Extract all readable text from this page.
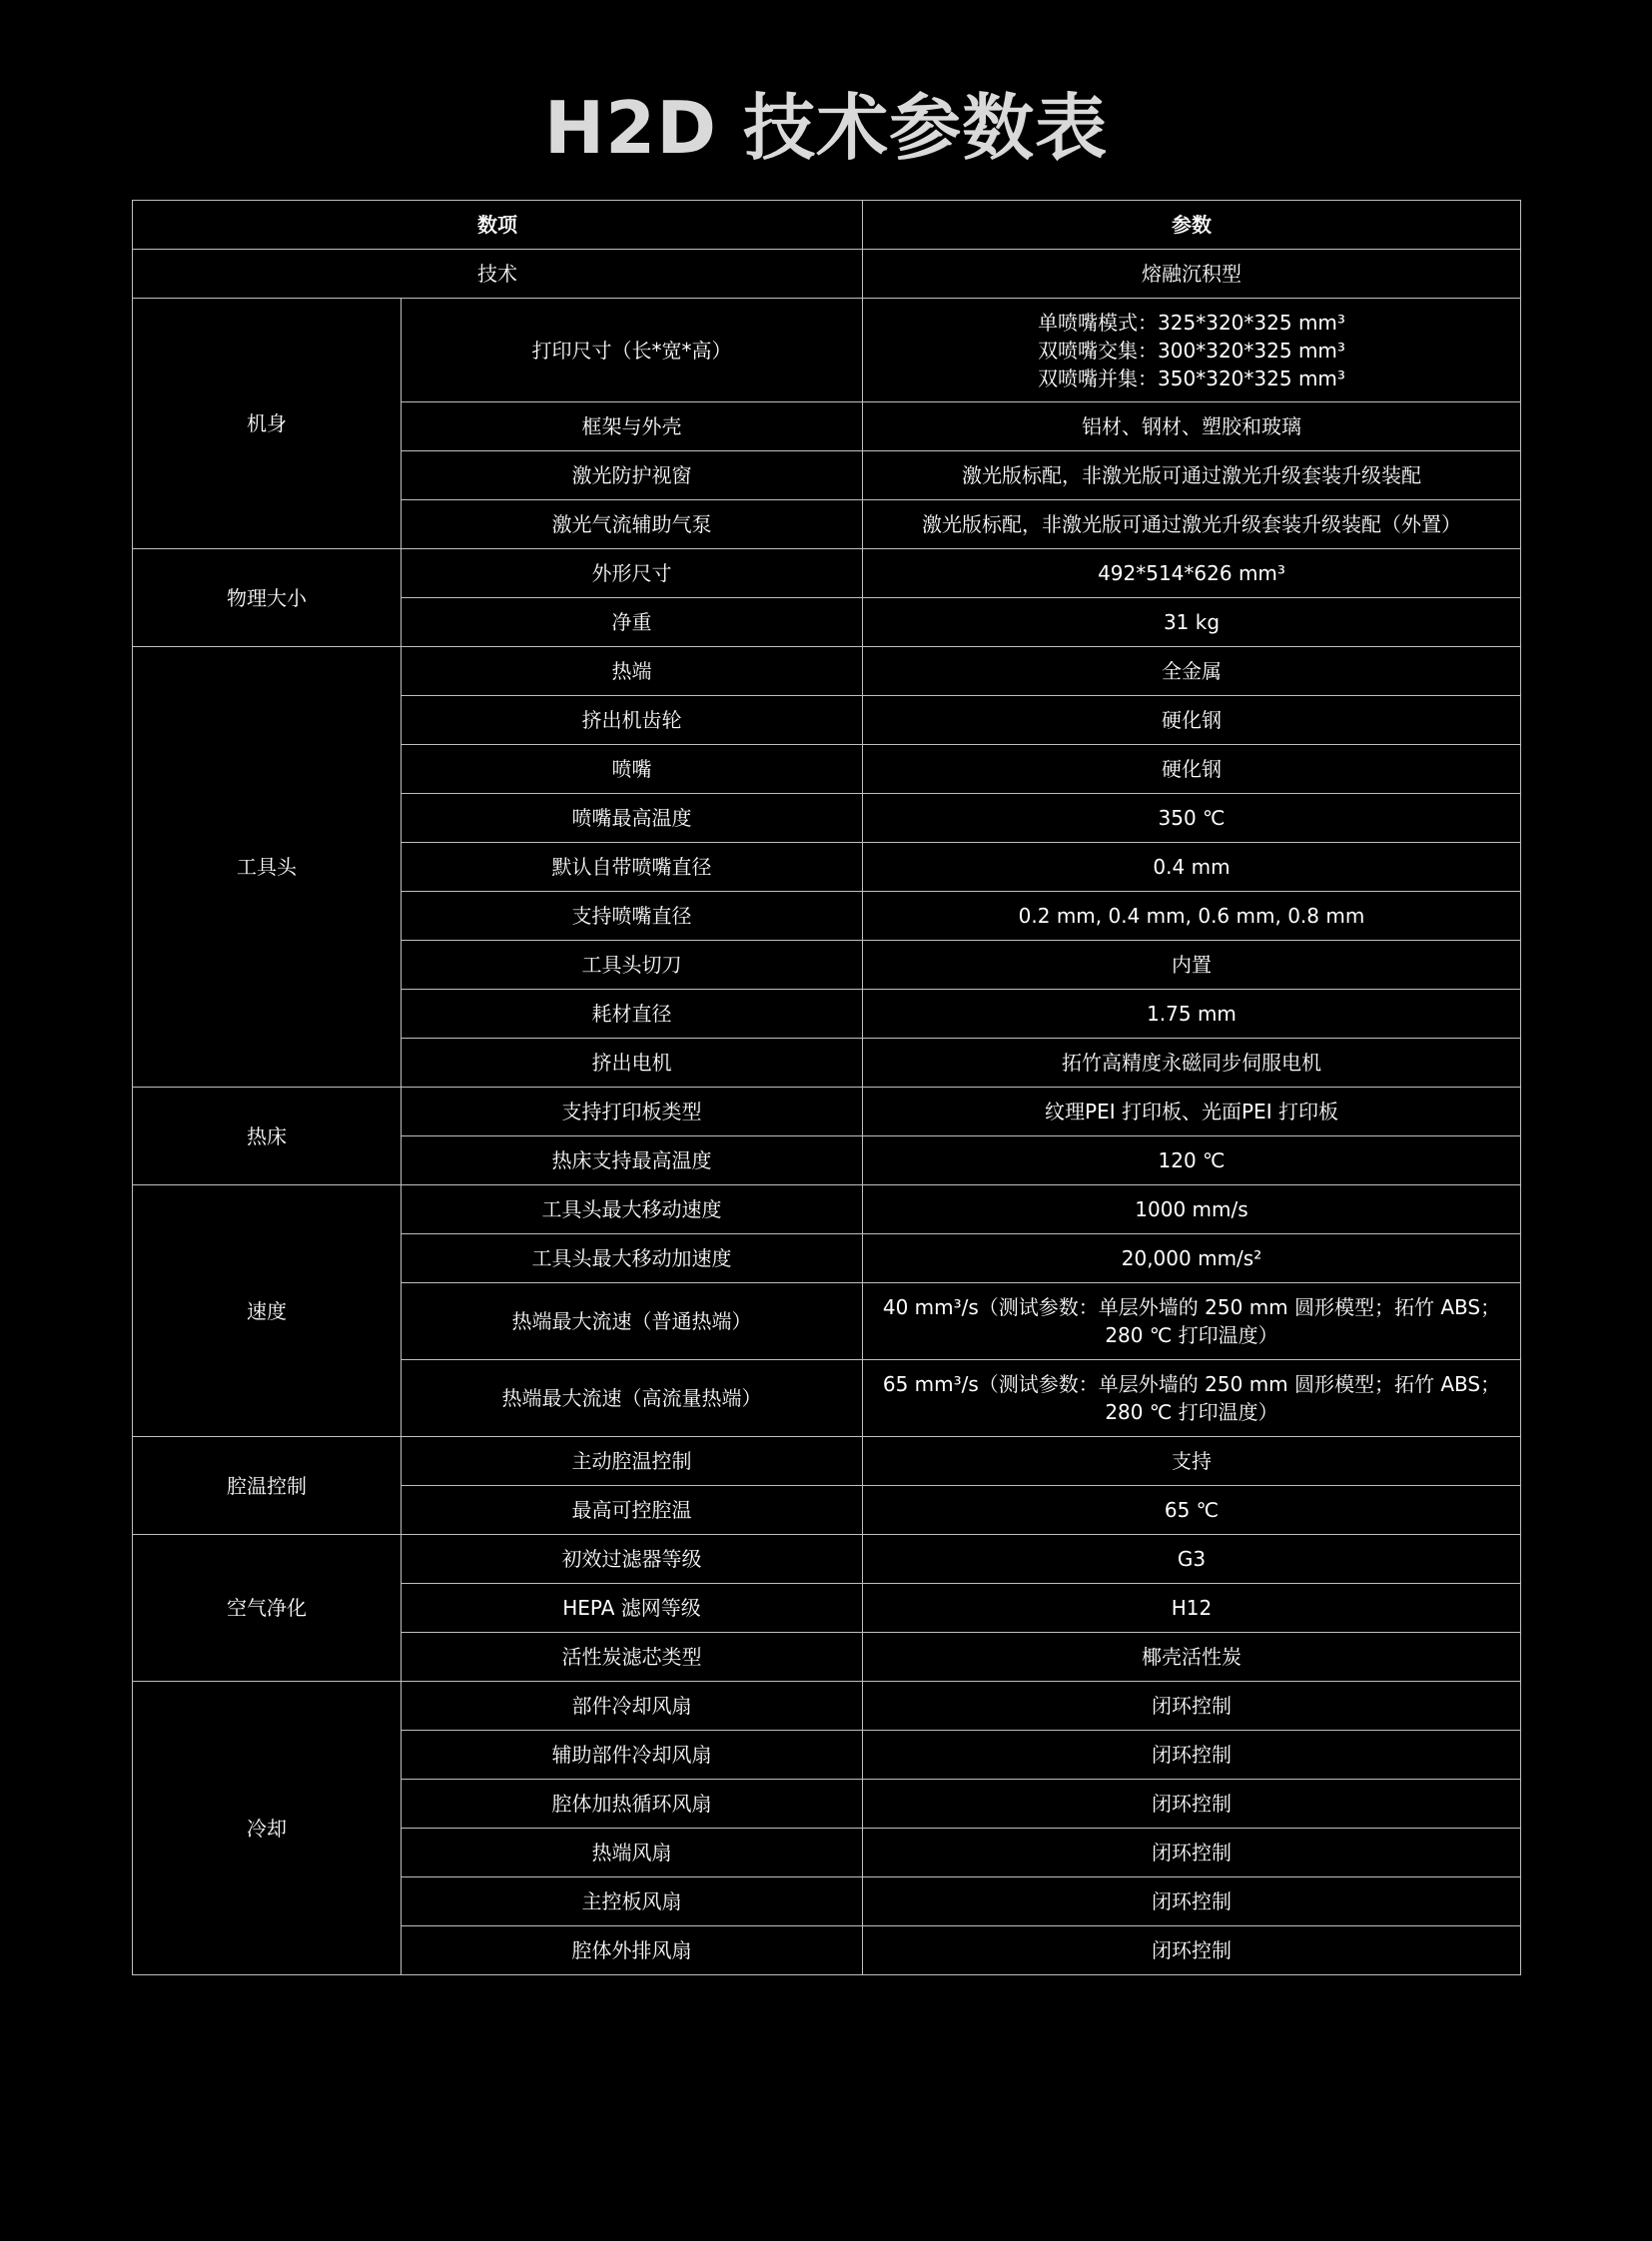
H2D 技术参数表
数项		参数
技术		熔融沉积型
机身	打印尺寸（长*宽*高）	单喷嘴模式：325*320*325 mm³
双喷嘴交集：300*320*325 mm³
双喷嘴并集：350*320*325 mm³

	框架与外壳	铝材、钢材、塑胶和玻璃

	激光防护视窗	激光版标配，非激光版可通过激光升级套装升级装配

	激光气流辅助气泵	激光版标配，非激光版可通过激光升级套装升级装配（外置）

物理大小	外形尺寸	492*514*626 mm³

	净重	31 kg

工具头	热端	全金属

	挤出机齿轮	硬化钢

	喷嘴	硬化钢

	喷嘴最高温度	350 ℃

	默认自带喷嘴直径	0.4 mm

	支持喷嘴直径	0.2 mm, 0.4 mm, 0.6 mm, 0.8 mm

	工具头切刀	内置

	耗材直径	1.75 mm

	挤出电机	拓竹高精度永磁同步伺服电机

热床	支持打印板类型	纹理PEI 打印板、光面PEI 打印板

	热床支持最高温度	120 ℃

速度	工具头最大移动速度	1000 mm/s

	工具头最大移动加速度	20,000 mm/s²

	热端最大流速（普通热端）	40 mm³/s（测试参数：单层外墙的 250 mm 圆形模型；拓竹 ABS；
280 ℃ 打印温度）

	热端最大流速（高流量热端）	65 mm³/s（测试参数：单层外墙的 250 mm 圆形模型；拓竹 ABS；
280 ℃ 打印温度）

腔温控制	主动腔温控制	支持

	最高可控腔温	65 ℃

空气净化	初效过滤器等级	G3

	HEPA 滤网等级	H12

	活性炭滤芯类型	椰壳活性炭

冷却	部件冷却风扇	闭环控制

	辅助部件冷却风扇	闭环控制

	腔体加热循环风扇	闭环控制

	热端风扇	闭环控制

	主控板风扇	闭环控制

	腔体外排风扇	闭环控制
